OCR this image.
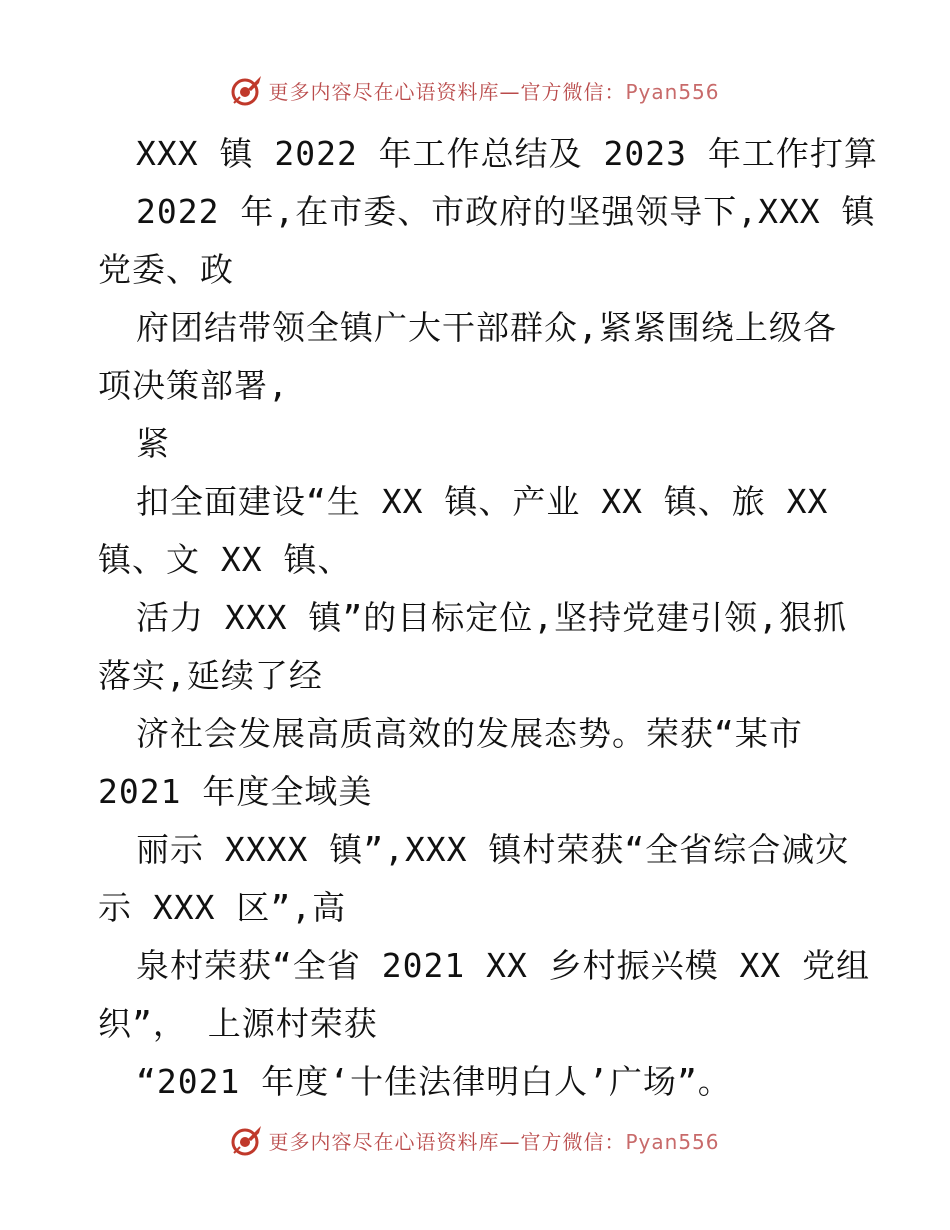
更多内容尽在心语资料库—官方微信：Pyan556
XXX 镇 2022 年工作总结及 2023 年工作打算
2022 年,在市委、市政府的坚强领导下,XXX 镇
党委、政
府团结带领全镇广大干部群众,紧紧围绕上级各
项决策部署,
紧
扣全面建设“生 XX 镇、产业 XX 镇、旅 XX
镇、文 XX 镇、
活力 XXX 镇”的目标定位,坚持党建引领,狠抓
落实,延续了经
济社会发展高质高效的发展态势。荣获“某市
2021 年度全域美
丽示 XXXX 镇”,XXX 镇村荣获“全省综合减灾
示 XXX 区”,高
泉村荣获“全省 2021 XX 乡村振兴模 XX 党组
织”， 上源村荣获
“2021 年度‘十佳法律明白人’广场”。
更多内容尽在心语资料库—官方微信：Pyan556
